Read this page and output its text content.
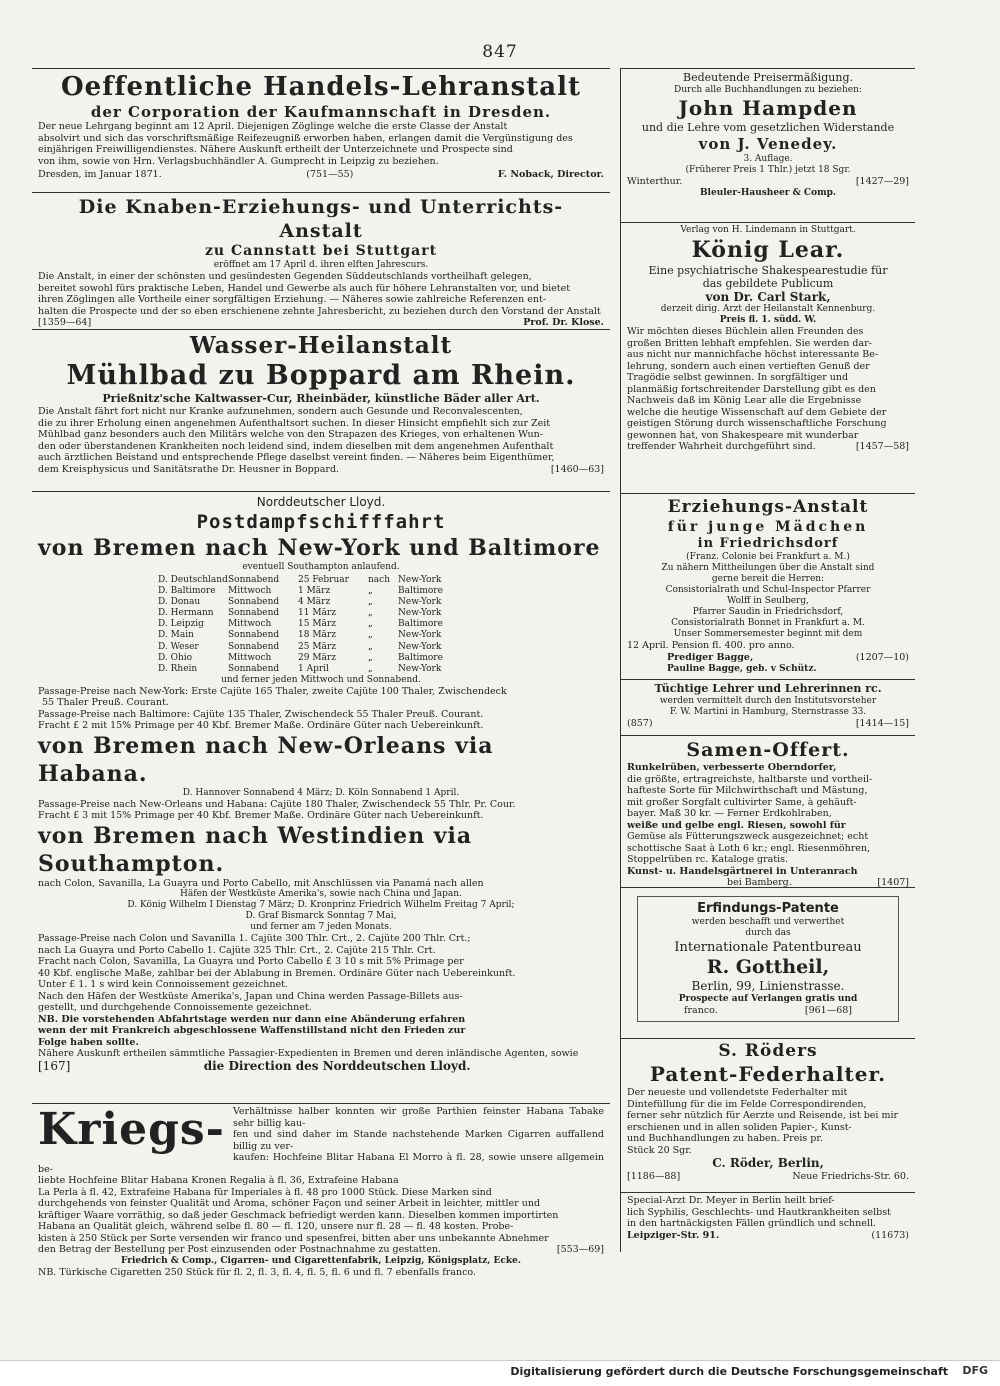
847
Oeffentliche Handels-Lehranstalt
der Corporation der Kaufmannschaft in Dresden.
Der neue Lehrgang beginnt am 12 April. Diejenigen Zöglinge welche die erste Classe der Anstalt
absolvirt und sich das vorschriftsmäßige Reifezeugniß erworben haben, erlangen damit die Vergünstigung des
einjährigen Freiwilligendienstes. Nähere Auskunft ertheilt der Unterzeichnete und Prospecte sind
von ihm, sowie von Hrn. Verlagsbuchhändler A. Gumprecht in Leipzig zu beziehen.
Dresden, im Januar 1871.	(751—55)	F. Noback, Director.
Die Knaben-Erziehungs- und Unterrichts-Anstalt
zu Cannstatt bei Stuttgart
eröffnet am 17 April d. ihren elften Jahrescurs.
Die Anstalt, in einer der schönsten und gesündesten Gegenden Süddeutschlands vortheilhaft gelegen,
bereitet sowohl fürs praktische Leben, Handel und Gewerbe als auch für höhere Lehranstalten vor, und bietet
ihren Zöglingen alle Vortheile einer sorgfältigen Erziehung. — Näheres sowie zahlreiche Referenzen ent-
halten die Prospecte und der so eben erschienene zehnte Jahresbericht, zu beziehen durch den Vorstand der Anstalt
[1359—64]	Prof. Dr. Klose.
Wasser-Heilanstalt
Mühlbad zu Boppard am Rhein.
Prießnitz'sche Kaltwasser-Cur, Rheinbäder, künstliche Bäder aller Art.
Die Anstalt fährt fort nicht nur Kranke aufzunehmen, sondern auch Gesunde und Reconvalescenten,
die zu ihrer Erholung einen angenehmen Aufenthaltsort suchen. In dieser Hinsicht empfiehlt sich zur Zeit
Mühlbad ganz besonders auch den Militärs welche von den Strapazen des Krieges, von erhaltenen Wun-
den oder überstandenen Krankheiten noch leidend sind, indem dieselben mit dem angenehmen Aufenthalt
auch ärztlichen Beistand und entsprechende Pflege daselbst vereint finden. — Näheres beim Eigenthümer,
dem Kreisphysicus und Sanitätsrathe Dr. Heusner in Boppard.	[1460—63]
Norddeutscher Lloyd.
Postdampfschifffahrt
von Bremen nach New-York und Baltimore
eventuell Southampton anlaufend.
D. Deutschland Sonnabend	25 Februar	nach New-York
D. Baltimore	Mittwoch	1 März	„	Baltimore
D. Donau	Sonnabend	4 März	„	New-York
D. Hermann	Sonnabend	11 März	„	New-York
D. Leipzig	Mittwoch	15 März	„	Baltimore
D. Main	Sonnabend	18 März	„	New-York
D. Weser	Sonnabend	25 März	„	New-York
D. Ohio	Mittwoch	29 März	„	Baltimore
D. Rhein	Sonnabend	1 April	„	New-York
und ferner jeden Mittwoch und Sonnabend.
Passage-Preise nach New-York: Erste Cajüte 165 Thaler, zweite Cajüte 100 Thaler, Zwischendeck
55 Thaler Preuß. Courant.
Passage-Preise nach Baltimore: Cajüte 135 Thaler, Zwischendeck 55 Thaler Preuß. Courant.
Fracht £ 2 mit 15% Primage per 40 Kbf. Bremer Maße. Ordinäre Güter nach Uebereinkunft.
von Bremen nach New-Orleans via Habana.
D. Hannover Sonnabend 4 März; D. Köln Sonnabend 1 April.
Passage-Preise nach New-Orleans und Habana: Cajüte 180 Thaler, Zwischendeck 55 Thlr. Pr. Cour.
Fracht £ 3 mit 15% Primage per 40 Kbf. Bremer Maße. Ordinäre Güter nach Uebereinkunft.
von Bremen nach Westindien via Southampton.
nach Colon, Savanilla, La Guayra und Porto Cabello, mit Anschlüssen via Panamá nach allen
Häfen der Westküste Amerika's, sowie nach China und Japan.
D. König Wilhelm I Dienstag 7 März; D. Kronprinz Friedrich Wilhelm Freitag 7 April;
D. Graf Bismarck Sonntag 7 Mai,
und ferner am 7 jeden Monats.
Passage-Preise nach Colon und Savanilla 1. Cajüte 300 Thlr. Crt., 2. Cajüte 200 Thlr. Crt.;
nach La Guayra und Porto Cabello 1. Cajüte 325 Thlr. Crt., 2. Cajüte 215 Thlr. Crt.
Fracht nach Colon, Savanilla, La Guayra und Porto Cabello £ 3 10 s mit 5% Primage per
40 Kbf. englische Maße, zahlbar bei der Ablabung in Bremen. Ordinäre Güter nach Uebereinkunft.
Unter £ 1. 1 s wird kein Connoissement gezeichnet.
Nach den Häfen der Westküste Amerika's, Japan und China werden Passage-Billets aus-
gestellt, und durchgehende Connoissemente gezeichnet.
NB. Die vorstehenden Abfahrtstage werden nur dann eine Abänderung erfahren
wenn der mit Frankreich abgeschlossene Waffenstillstand nicht den Frieden zur
Folge haben sollte.
Nähere Auskunft ertheilen sämmtliche Passagier-Expedienten in Bremen und deren inländische Agenten, sowie
[167]	die Direction des Norddeutschen Lloyd.
Kriegs- Verhältnisse halber konnten wir große Parthien feinster Habana Tabake sehr billig kau-
fen und sind daher im Stande nachstehende Marken Cigarren auffallend billig zu ver-
kaufen: Hochfeine Blitar Habana El Morro à fl. 28, sowie unsere allgemein be-
liebte Hochfeine Blitar Habana Kronen Regalia à fl. 36, Extrafeine Habana
La Perla à fl. 42, Extrafeine Habana für Imperiales à fl. 48 pro 1000 Stück. Diese Marken sind
durchgehends von feinster Qualität und Aroma, schöner Façon und seiner Arbeit in leichter, mittler und
kräftiger Waare vorräthig, so daß jeder Geschmack befriedigt werden kann. Dieselben kommen importirten
Habana an Qualität gleich, während selbe fl. 80 — fl. 120, unsere nur fl. 28 — fl. 48 kosten. Probe-
kisten à 250 Stück per Sorte versenden wir franco und spesenfrei, bitten aber uns unbekannte Abnehmer
den Betrag der Bestellung per Post einzusenden oder Postnachnahme zu gestatten.	[553—69]
Friedrich & Comp., Cigarren- und Cigarettenfabrik, Leipzig, Königsplatz, Ecke.
NB. Türkische Cigaretten 250 Stück für fl. 2, fl. 3, fl. 4, fl. 5, fl. 6 und fl. 7 ebenfalls franco.
Bedeutende Preisermäßigung.
Durch alle Buchhandlungen zu beziehen:
John Hampden
und die Lehre vom gesetzlichen Widerstande
von J. Venedey.
3. Auflage.
(Früherer Preis 1 Thlr.) jetzt 18 Sgr.
Winterthur.	[1427—29]
Bleuler-Hausheer & Comp.
Verlag von H. Lindemann in Stuttgart.
König Lear.
Eine psychiatrische Shakespearestudie für
das gebildete Publicum
von Dr. Carl Stark,
derzeit dirig. Arzt der Heilanstalt Kennenburg.
Preis fl. 1. südd. W.
Wir möchten dieses Büchlein allen Freunden des
großen Britten lebhaft empfehlen. Sie werden dar-
aus nicht nur mannichfache höchst interessante Be-
lehrung, sondern auch einen vertieften Genuß der
Tragödie selbst gewinnen. In sorgfältiger und
planmäßig fortschreitender Darstellung gibt es den
Nachweis daß im König Lear alle die Ergebnisse
welche die heutige Wissenschaft auf dem Gebiete der
geistigen Störung durch wissenschaftliche Forschung
gewonnen hat, von Shakespeare mit wunderbar
treffender Wahrheit durchgeführt sind.	[1457—58]
Erziehungs-Anstalt
für junge Mädchen
in Friedrichsdorf
(Franz. Colonie bei Frankfurt a. M.)
Zu nähern Mittheilungen über die Anstalt sind
gerne bereit die Herren:
Consistorialrath und Schul-Inspector Pfarrer
Wolff in Seulberg,
Pfarrer Saudin in Friedrichsdorf,
Consistorialrath Bonnet in Frankfurt a. M.
Unser Sommersemester beginnt mit dem
12 April. Pension fl. 400. pro anno.
Prediger Bagge,	(1207—10)
Pauline Bagge, geb. v Schütz.
Tüchtige Lehrer und Lehrerinnen rc.
werden vermittelt durch den Institutsvorsteher
F. W. Martini in Hamburg, Sternstrasse 33.
(857)	[1414—15]
Samen-Offert.
Runkelrüben, verbesserte Oberndorfer,
die größte, ertragreichste, haltbarste und vortheil-
hafteste Sorte für Milchwirthschaft und Mästung,
mit großer Sorgfalt cultivirter Same, à gehäuft-
bayer. Maß 30 kr. — Ferner Erdkohlraben,
weiße und gelbe engl. Riesen, sowohl für
Gemüse als Fütterungszweck ausgezeichnet; echt
schottische Saat à Loth 6 kr.; engl. Riesenmöhren,
Stoppelrüben rc. Kataloge gratis.
Kunst- u. Handelsgärtnerei in Unteranrach
bei Bamberg.	[1407]
Erfindungs-Patente
werden beschafft und verwerthet
durch das
Internationale Patentbureau
R. Gottheil,
Berlin, 99, Linienstrasse.
Prospecte auf Verlangen gratis und
franco.	[961—68]
S. Röders
Patent-Federhalter.
Der neueste und vollendetste Federhalter mit
Dintefüllung für die im Felde Correspondirenden,
ferner sehr nützlich für Aerzte und Reisende, ist bei mir
erschienen und in allen soliden Papier-, Kunst-
und Buchhandlungen zu haben. Preis pr.
Stück 20 Sgr.
C. Röder, Berlin,
[1186—88]	Neue Friedrichs-Str. 60.
Special-Arzt Dr. Meyer in Berlin heilt brief-
lich Syphilis, Geschlechts- und Hautkrankheiten selbst
in den hartnäckigsten Fällen gründlich und schnell.
Leipziger-Str. 91.	(11673)
Digitalisierung gefördert durch die Deutsche Forschungsgemeinschaft DFG
